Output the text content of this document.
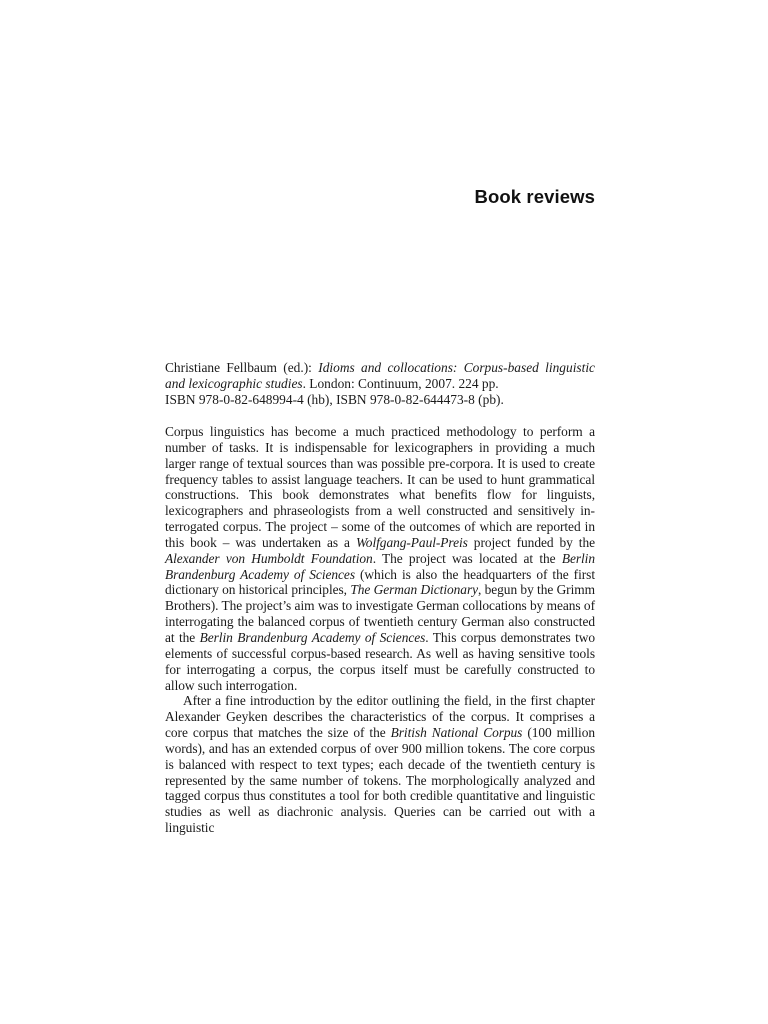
Book reviews
Christiane Fellbaum (ed.): Idioms and collocations: Corpus-based linguistic and lexicographic studies. London: Continuum, 2007. 224 pp.
ISBN 978-0-82-648994-4 (hb), ISBN 978-0-82-644473-8 (pb).

Corpus linguistics has become a much practiced methodology to perform a number of tasks. It is indispensable for lexicographers in providing a much larger range of textual sources than was possible pre-corpora. It is used to create frequency tables to assist language teachers. It can be used to hunt grammatical constructions. This book demonstrates what benefits flow for linguists, lexicographers and phraseologists from a well constructed and sensitively interrogated corpus. The project – some of the outcomes of which are reported in this book – was undertaken as a Wolfgang-Paul-Preis project funded by the Alexander von Humboldt Foundation. The project was located at the Berlin Brandenburg Academy of Sciences (which is also the headquarters of the first dictionary on historical principles, The German Dictionary, begun by the Grimm Brothers). The project’s aim was to investigate German collocations by means of interrogating the balanced corpus of twentieth century German also constructed at the Berlin Brandenburg Academy of Sciences. This corpus demonstrates two elements of successful corpus-based research. As well as having sensitive tools for interrogating a corpus, the corpus itself must be carefully constructed to allow such interrogation.

After a fine introduction by the editor outlining the field, in the first chapter Alexander Geyken describes the characteristics of the corpus. It comprises a core corpus that matches the size of the British National Corpus (100 million words), and has an extended corpus of over 900 million tokens. The core corpus is balanced with respect to text types; each decade of the twentieth century is represented by the same number of tokens. The morphologically analyzed and tagged corpus thus constitutes a tool for both credible quantitative and linguistic studies as well as diachronic analysis. Queries can be carried out with a linguistic
